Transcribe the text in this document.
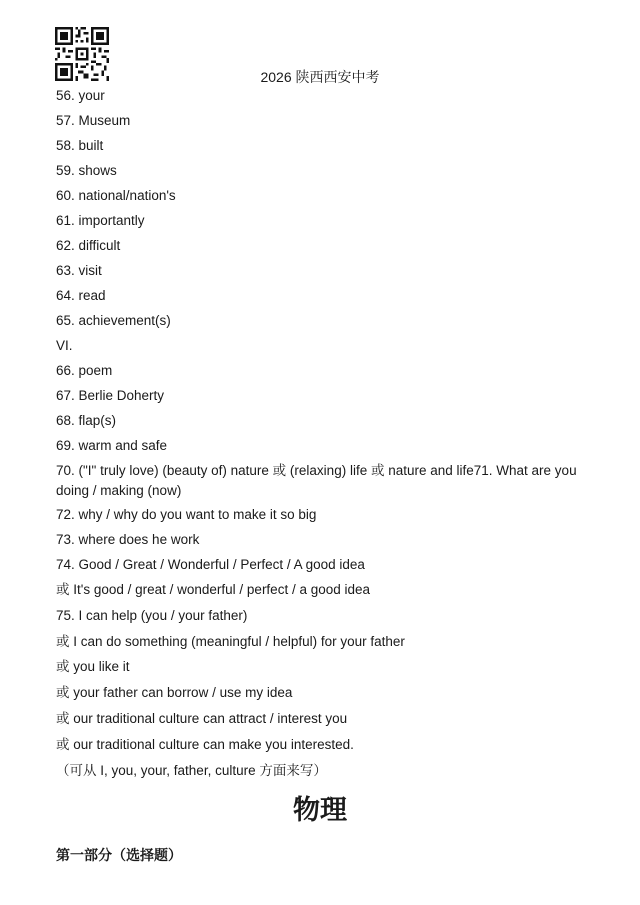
2026 陕西西安中考
56. your
57. Museum
58. built
59. shows
60. national/nation's
61. importantly
62. difficult
63. visit
64. read
65. achievement(s)
VI.
66. poem
67. Berlie Doherty
68. flap(s)
69. warm and safe
70. ("I" truly love) (beauty of) nature 或 (relaxing) life 或 nature and life71. What are you doing / making (now)
72. why / why do you want to make it so big
73. where does he work
74. Good / Great / Wonderful / Perfect / A good idea
或 It's good / great / wonderful / perfect / a good idea
75. I can help (you / your father)
或 I can do something (meaningful / helpful) for your father
或 you like it
或 your father can borrow / use my idea
或 our traditional culture can attract / interest you
或 our traditional culture can make you interested.
（可从 I, you, your, father, culture 方面来写）
物理
第一部分（选择题）
